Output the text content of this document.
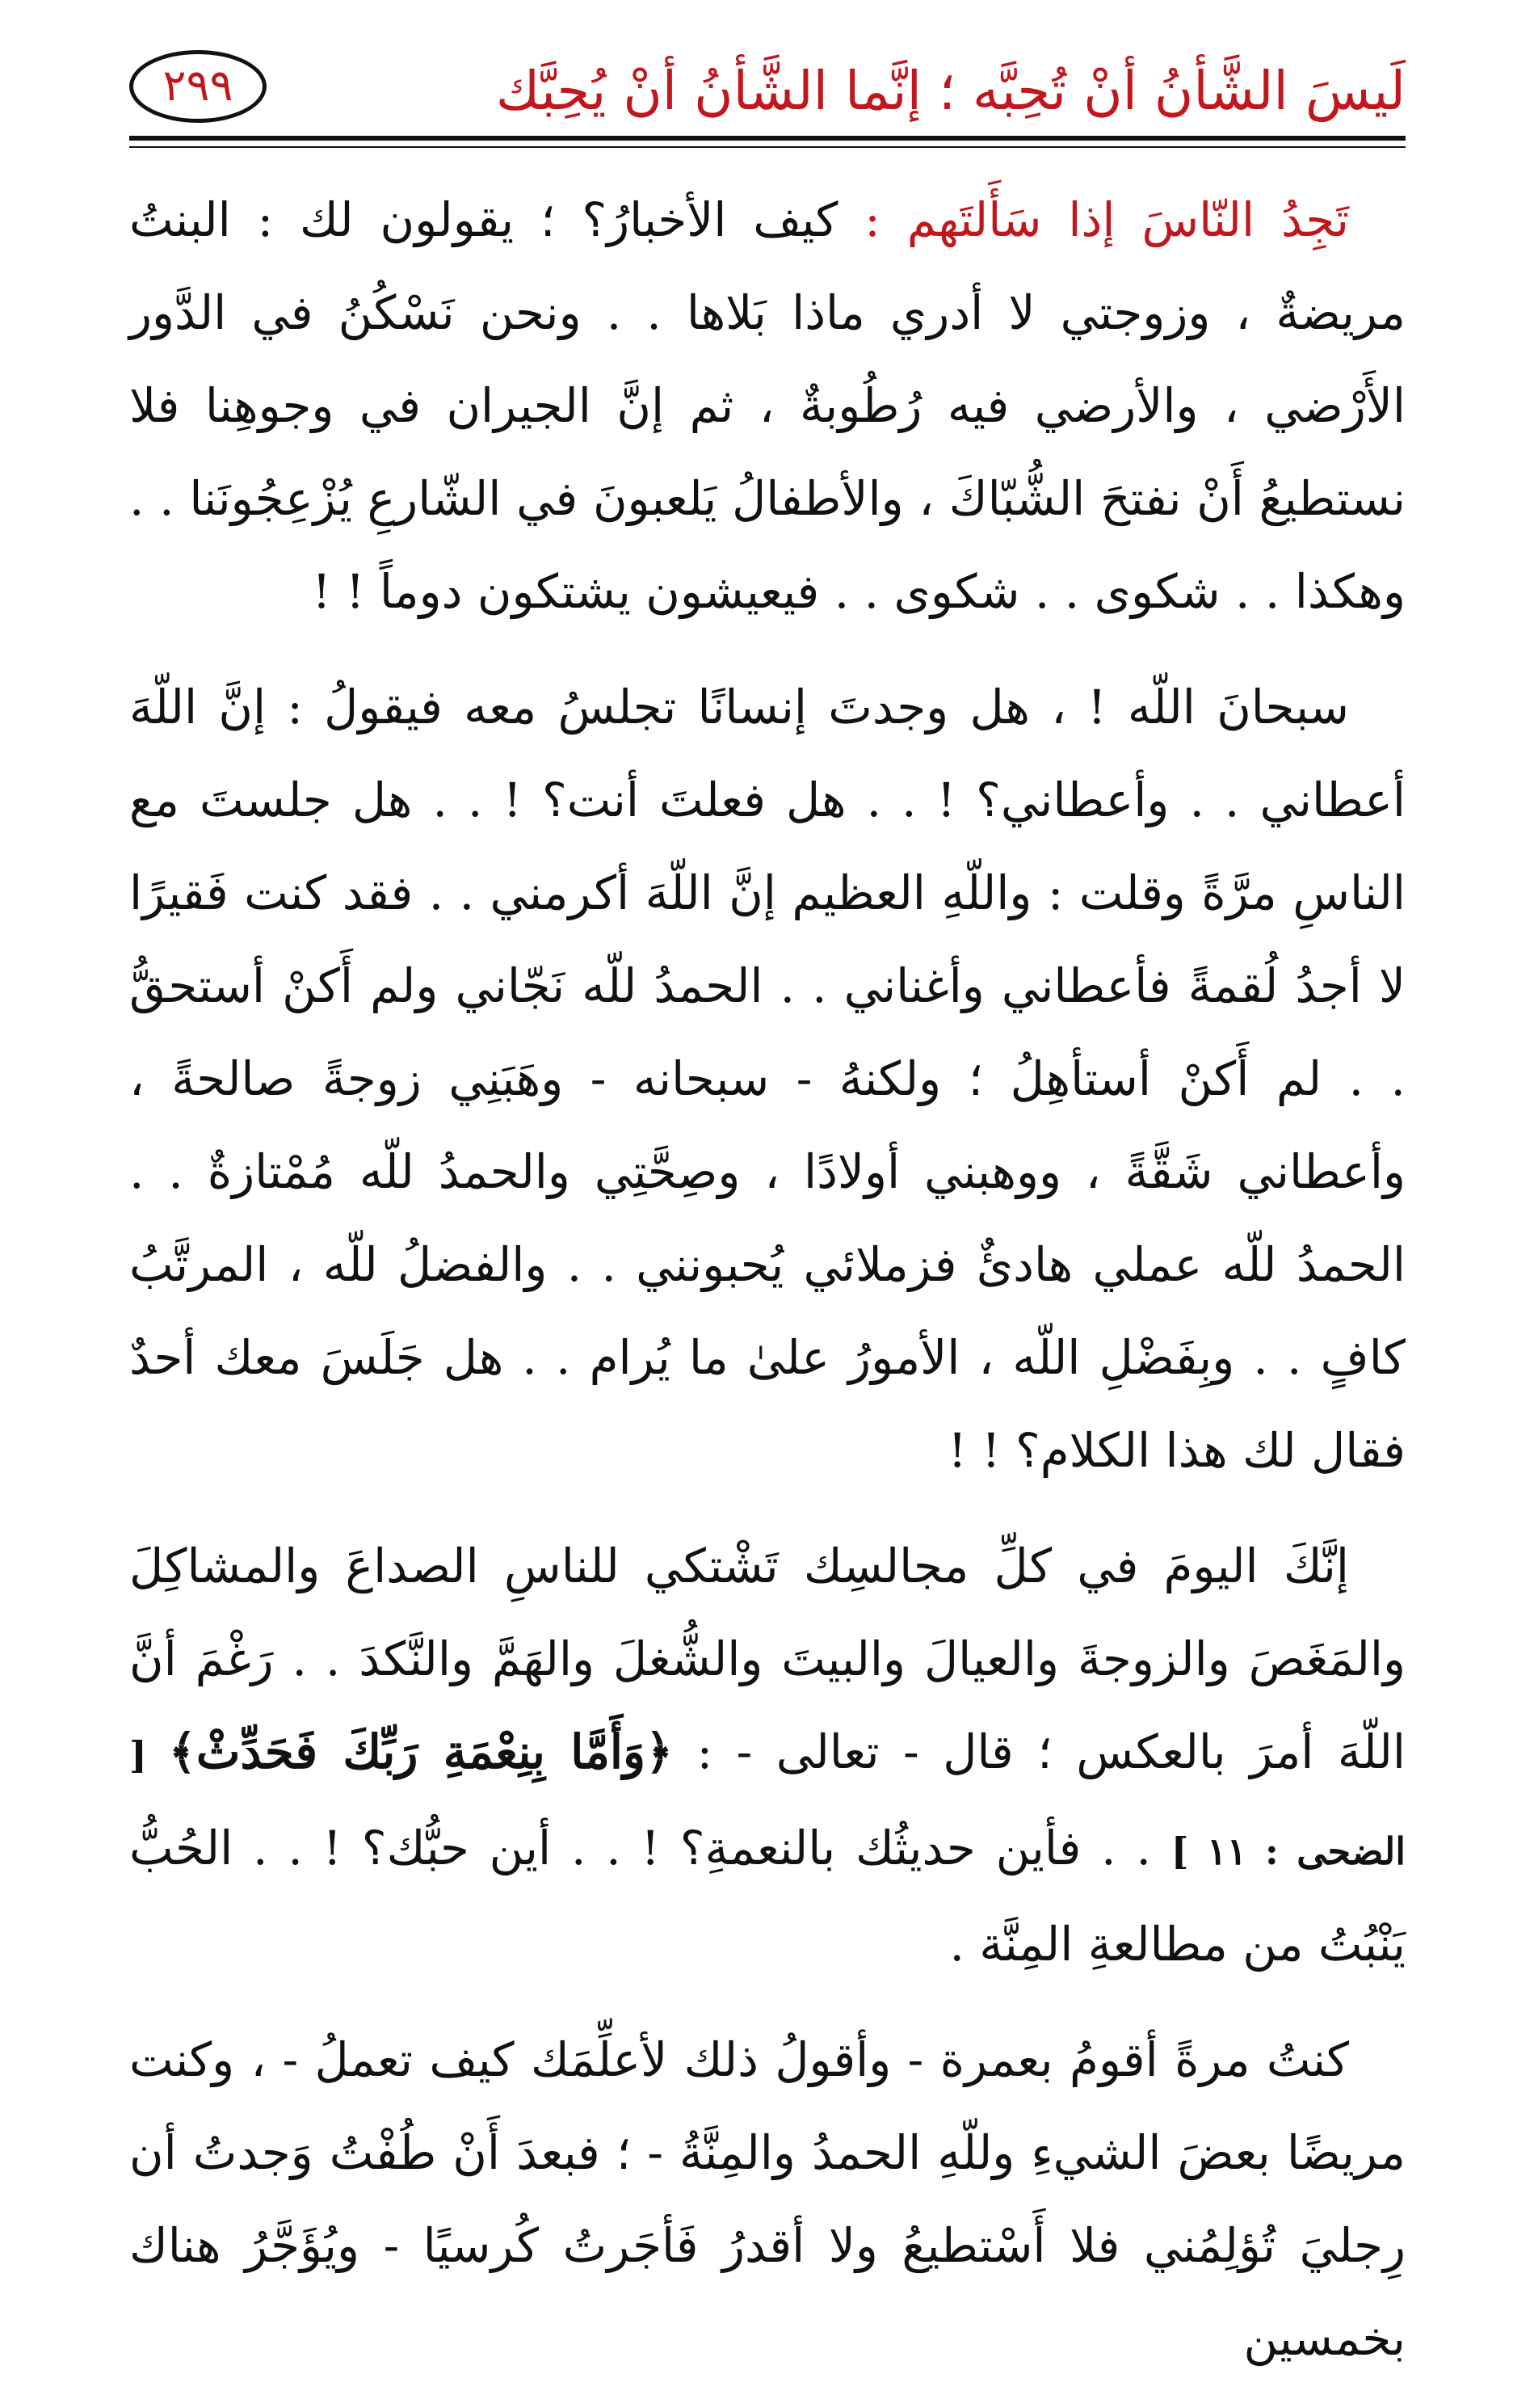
لَيسَ الشَّأنُ أنْ تُحِبَّه ؛ إنَّما الشَّأنُ أنْ يُحِبَّك
٢٩٩

تَجِدُ النّاسَ إذا سَأَلتَهم : كيف الأخبارُ؟ ؛ يقولون لك : البنتُ مريضةٌ ، وزوجتي لا أدري ماذا بَلاها . . ونحن نَسْكُنُ في الدَّور الأَرْضي ، والأرضي فيه رُطُوبةٌ ، ثم إنَّ الجيران في وجوهِنا فلا نستطيعُ أَنْ نفتحَ الشُّبّاكَ ، والأطفالُ يَلعبونَ في الشّارعِ يُزْعِجُونَنا . . وهكذا . . شكوى . . شكوى . . فيعيشون يشتكون دوماً ! !

سبحانَ اللّه ! ، هل وجدتَ إنسانًا تجلسُ معه فيقولُ : إنَّ اللّهَ أعطاني . . وأعطاني؟ ! . . هل فعلتَ أنت؟ ! . . هل جلستَ مع الناسِ مرَّةً وقلت : واللّهِ العظيم إنَّ اللّهَ أكرمني . . فقد كنت فَقيرًا لا أجدُ لُقمةً فأعطاني وأغناني . . الحمدُ للّه نَجّاني ولم أَكنْ أستحقُّ . . لم أَكنْ أستأهِلُ ؛ ولكنهُ - سبحانه - وهَبَنِي زوجةً صالحةً ، وأعطاني شَقَّةً ، ووهبني أولادًا ، وصِحَّتِي والحمدُ للّه مُمْتازةٌ . . الحمدُ للّه عملي هادئٌ فزملائي يُحبونني . . والفضلُ للّه ، المرتَّبُ كافٍ . . وبِفَضْلِ اللّه ، الأمورُ علىٰ ما يُرام . . هل جَلَسَ معك أحدٌ فقال لك هذا الكلام؟ ! !

إنَّكَ اليومَ في كلِّ مجالسِك تَشْتكي للناسِ الصداعَ والمشاكِلَ والمَغَصَ والزوجةَ والعيالَ والبيتَ والشُّغلَ والهَمَّ والنَّكدَ . . رَغْمَ أنَّ اللّهَ أمرَ بالعكس ؛ قال - تعالى - : ﴿وَأَمَّا بِنِعْمَةِ رَبِّكَ فَحَدِّثْ﴾ [ الضحى : ١١ ] . . فأين حديثُك بالنعمةِ؟ ! . . أين حبُّك؟ ! . . الحُبُّ يَنْبُتُ من مطالعةِ المِنَّة .

كنتُ مرةً أقومُ بعمرة - وأقولُ ذلك لأعلِّمَك كيف تعملُ - ، وكنت مريضًا بعضَ الشيءِ وللّهِ الحمدُ والمِنَّةُ - ؛ فبعدَ أَنْ طُفْتُ وَجدتُ أن رِجليَ تُؤلِمُني فلا أَسْتطيعُ ولا أقدرُ فَأجَرتُ كُرسيًا - ويُؤَجَّرُ هناك بخمسين
